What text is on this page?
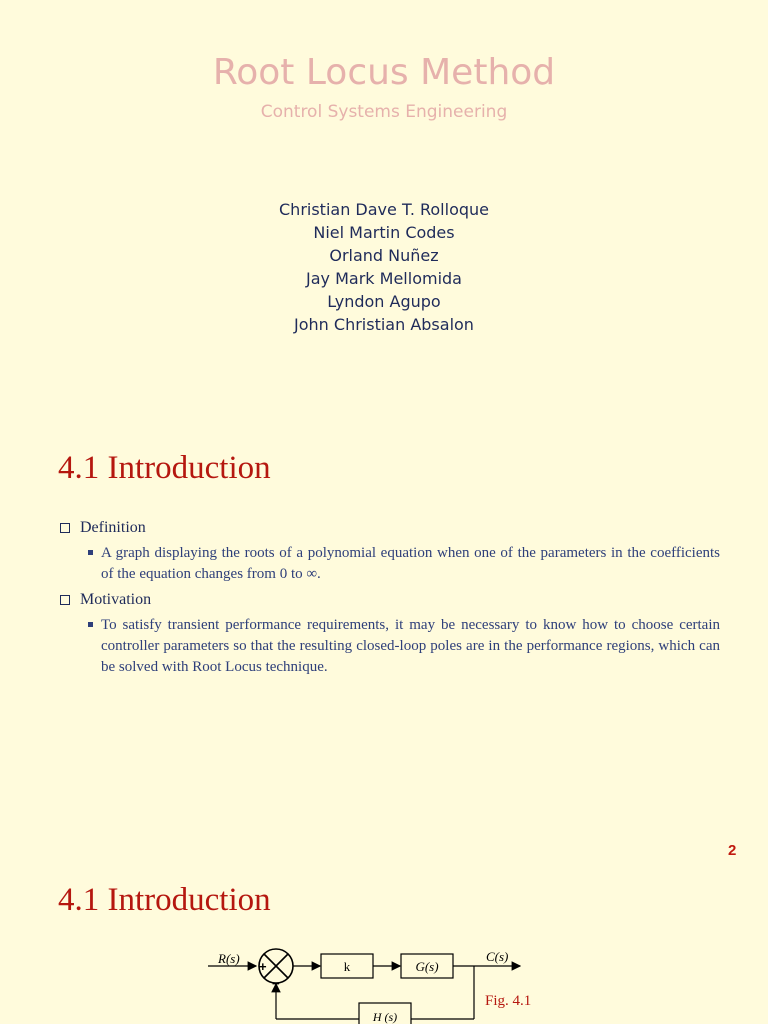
Root Locus Method
Control Systems Engineering
Christian Dave T. Rolloque
Niel Martin Codes
Orland Nuñez
Jay Mark Mellomida
Lyndon Agupo
John Christian Absalon
4.1 Introduction
Definition
A graph displaying the roots of a polynomial equation when one of the parameters in the coefficients of the equation changes from 0 to ∞.
Motivation
To satisfy transient performance requirements, it may be necessary to know how to choose certain controller parameters so that the resulting closed-loop poles are in the performance regions, which can be solved with Root Locus technique.
2
4.1 Introduction
R(s)
+
−
k	G(s)
C(s)
H (s)
Fig. 4.1
